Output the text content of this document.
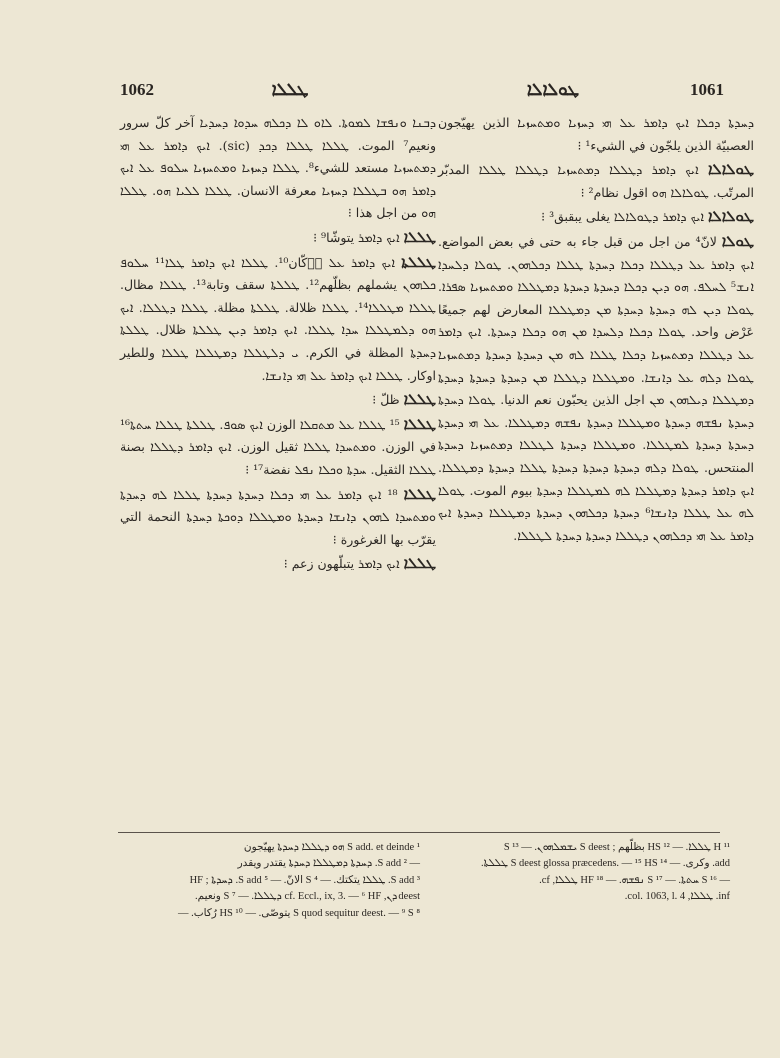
1062	ܛܠܠܐ	ܛܘܠܐܠܐ	1061

ܕܚܕܬܐ ܕܟܠܐ ܐܝܟ ܕܐܡܪ ܥܠ ܗܝ ܕܚܙܝܐ ܘܡܬܚܙܝܐ الذين يهيّجون العصبيّة الذين يلجّون في الشيء¹ ⁝

ܛܘܠܐܠܐ ܐܝܟ ܕܐܡܪ ܕܛܠܠܐ ܕܡܬܚܙܝܐ ܕܛܠܠܐ ܛܠܠܐ المدبّر المرتّب. ܛܘܠܐܠܐ ܗܘ اقول نظام² ⁝

ܛܘܠܐܠܐ ܐܝܟ ܕܐܡܪ ܕܛܘܠܐܠܐ يغلى يبقبق³ ⁝

ܛܘܠܐ لانّ⁴ من اجل من قبل جاء به حتى في بعض المواضع. ܐܝܟ ܕܐܡܪ ܥܠ ܕܛܠܠܐ ܕܟܠܐ ܕܚܕܬܐ ܛܠܠܐ ܕܟܠܗܘܢ. ܛܘܠܐ ܕܠܚܕܐ ܐܢܫ⁵ ܠܚܠܦ. ܗܘ ܕܝܢ ܕܟܠܐ ܕܚܕܬܐ ܕܚܕܬܐ ܕܡܛܠܠܐ ܘܡܬܚܙܝܐ ܣܦܪܐ. ܛܘܠܐ ܕܝܢ ܠܗ ܕܚܕܬܐ ܕܚܕܬܐ ܡܢ ܕܡܛܠܠܐ المعارض لهم جميعًا عَرْض واحد. ܛܘܠܐ ܕܟܠܐ ܕܠܚܕܐ ܡܢ ܗܘ ܕܟܠܐ ܕܚܕܬܐ. ܐܝܟ ܕܐܡܪ ܥܠ ܕܛܠܠܐ ܕܡܬܚܙܝܐ ܕܟܠܐ ܛܠܠܐ ܠܗ ܡܢ ܕܚܕܬܐ ܕܚܕܬܐ ܕܡܬܚܙܝܐ ܛܘܠܐ ܕܠܗ ܥܠ ܕܐܢܫܐ. ܘܡܛܠܠܐ ܕܛܠܠܐ ܡܢ ܕܚܕܬܐ ܕܚܕܬܐ ܕܚܕܬܐ ܕܡܛܠܠܐ ܕܝܠܗܘܢ ܡܢ اجل الذين يحبّون نعم الدنيا. ܛܘܠܐ ܕܚܕܬܐ ܕܚܕܬܐ ܢܦܫܗ ܕܚܕܬܐ ܘܡܛܠܠܐ ܕܚܕܬܐ ܢܦܫܗ ܕܡܛܠܠܐ. ܥܠ ܗܝ ܕܚܕܬܐ ܕܚܕܬܐ ܕܚܕܬܐ ܠܡܛܠܠܐ. ܘܡܛܠܠܐ ܕܚܕܬܐ ܠܛܠܠܐ ܕܡܬܚܙܝܐ ܕܚܕܬܐ المنتحس. ܛܘܠܐ ܕܠܗ ܕܚܕܬܐ ܕܚܕܬܐ ܕܚܕܬܐ ܛܠܠܐ ܕܚܕܬܐ ܕܡܛܠܠܐ. ܐܝܟ ܕܐܡܪ ܕܚܕܬܐ ܕܡܛܠܠܐ ܠܗ ܠܡܛܠܠܐ ܕܚܕܬܐ بيوم الموت. ܛܘܠܐ ܠܗ ܥܠ ܛܠܠܐ ܕܐܢܫܐ⁶ ܕܚܕܬܐ ܕܟܠܗܘܢ ܕܚܕܬܐ ܕܡܛܠܠܐ ܕܚܕܬܐ ܐܝܟ ܕܐܡܪ ܥܠ ܗܝ ܕܟܠܗܘܢ ܕܛܠܠܐ ܕܚܕܬܐ ܕܚܕܬܐ ܠܛܠܠܐ.

ܕܒܢܐ ܘܢܦܫܐ ܠܡܘܬܐ. ܠܐܘ ܠܐ ܕܟܠܗ ܚܕܘܐ ܕܚܕܝܐ آخر كلّ سرور ونعيم⁷ الموت. ܛܠܠܐ ܛܠܠܐ ܕܟܕ (sic). ܐܝܟ ܕܐܡܪ ܥܠ ܗܝ ܕܡܬܚܙܝܐ مستعد للشيء⁸. ܛܠܠܐ ܕܚܙܝܐ ܘܡܬܚܙܝܐ ܚܠܘܦ ܥܠ ܐܝܟ ܕܐܡܪ ܗܘ ܒܛܠܠܐ ܕܚܙܝܐ معرفة الانسان. ܛܠܠܐ ܠܠܝܐ ܗܘ. ܛܠܠܐ ܗܘ من اجل هذا ⁝

ܛܠܠܐ ܐܝܟ ܕܐܡܪ يتوشّا⁹ ⁝

ܛܠܠܬܐ ܐܝܟ ܕܐܡܪ ܥܠ ܕُكّان¹⁰. ܛܠܠܐ ܐܝܟ ܕܐܡܪ ܛܠܐ¹¹ ܚܠܘܦ ܟܠܗܘܢ يشملهم بظلّهم¹². ܛܠܠܬܐ سقف وتابة¹³. ܛܠܠܐ مظال. ܛܠܠܐ ܡܛܠܠܐ¹⁴. ܛܠܠܐ ظلالة. ܛܠܠܬܐ مظلة. ܛܠܠܐ ܕܛܠܠܐ. ܐܝܟ ܗܘ ܕܠܡܛܠܠܐ ܚܕܐ ܛܠܠܐ. ܐܝܟ ܕܐܡܪ ܕܝܢ ܛܠܠܬܐ ظلال. ܛܠܠܬܐ ܕܚܕܬܐ المظلة في الكرم. ܝ ܕܠܛܠܠܐ ܕܡܛܠܠܐ ܛܠܠܐ وللطير اوكار. ܛܠܠܐ ܐܝܟ ܕܐܡܪ ܥܠ ܗܝ ܕܐܢܫܐ.

ܛܠܠܐ ظلّ ⁝

ܛܠܠܐ ¹⁵ ܛܠܠܐ ܥܠ ܡܬܩܠܐ الوزن ܐܝܟ ܣܘܦ. ܛܠܠܬܐ ܛܠܠܐ ܚܬܬܐ¹⁶ في الوزن. ܘܡܬܚܕܐ ܛܠܠܐ ثقيل الوزن. ܐܝܟ ܕܐܡܪ ܕܛܠܠܐ بصنة ܛܠܠܐ الثقيل. ܚܕܬܐ ܘܟܠܐ ܢܦܠ نفضة¹⁷ ⁝

ܛܠܠܐ ¹⁸ ܐܝܟ ܕܐܡܪ ܥܠ ܗܝ ܕܟܠܐ ܕܚܕܬܐ ܕܚܕܬܐ ܛܠܠܐ ܠܗ ܕܚܕܬܐ ܘܡܬܚܕܐ ܠܗܘܢ ܕܐܢܫܐ ܕܚܕܬܐ ܘܡܛܠܠܐ ܕܘܟܬܐ ܕܚܕܬܐ النحمة التي يقرّب بها الغرغورة ⁝

ܛܠܠܐ ܐܝܟ ܕܐܡܪ يتبلّهون زعم ⁝

¹ S add. et deinde ܗܘ ܕܛܠܠܐ ܕܚܕܬܐ يهيّجون
— ² S add. ܕܚܕܬܐ ܕܡܛܠܠܐ ܕܚܕܬܐ يقتدر ويقدر
³ S add. ܛܠܠܐ يتكتك. — ⁴ S الانّ. — ⁵ S add. ܕܚܕܬܐ ; HF
deest ܕܢ, cf. Eccl., ix, 3. — ⁶ HF ܕܛܠܠܐ. — ⁷ S ونعيم.
⁸ S quod sequitur deest. — ⁹ S يتوصّى. — ¹⁰ HS رُكاب. —
¹¹ H ܛܠܠܐ. — ¹² HS بظلّهم ; S deest ܝܫܡܠܗܘܢ. — ¹³ S
add. وكرى. — ¹⁴ S deest glossa præcedens. — ¹⁵ HS ܛܠܠܬܐ.
— ¹⁶ S ܚܬܬܐ. — ¹⁷ S ܢܦܫܗ. — ¹⁸ HF ܛܠܠܐ, cf.
inf. ܛܠܠܐ, col. 1063, l. 4.
